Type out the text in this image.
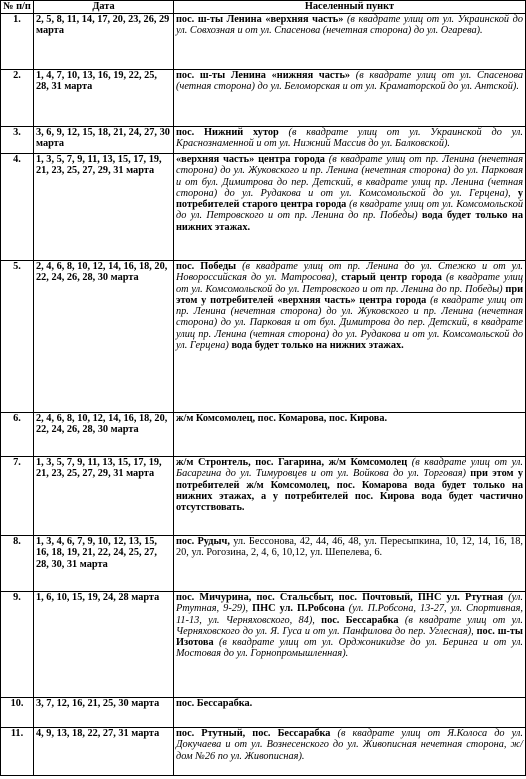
№ п/п	Дата	Населенный пункт
1.	2, 5, 8, 11, 14, 17, 20, 23, 26, 29 марта	пос. ш-ты Ленина «верхняя часть» (в квадрате улиц от ул. Украинской до ул. Совхозная и от ул. Спасенова (нечетная сторона) до ул. Огарева).
2.	1, 4, 7, 10, 13, 16, 19, 22, 25, 28, 31 марта	пос. ш-ты Ленина «нижняя часть» (в квадрате улиц от ул. Спасенова (четная сторона) до ул. Беломорская и от ул. Краматорской до ул. Антской).
3.	3, 6, 9, 12, 15, 18, 21, 24, 27, 30 марта	пос. Нижний хутор (в квадрате улиц от ул. Украинской до ул. Краснознаменной и от ул. Нижний Массив до ул. Балковской).
4.	1, 3, 5, 7, 9, 11, 13, 15, 17, 19, 21, 23, 25, 27, 29, 31 марта	«верхняя часть» центра города (в квадрате улиц от пр. Ленина (нечетная сторона) до ул. Жуковского и пр. Ленина (нечетная сторона) до ул. Парковая и от бул. Димитрова до пер. Детский, в квадрате улиц пр. Ленина (четная сторона) до ул. Рудакова и от ул. Комсомольской до ул. Герцена), у потребителей старого центра города (в квадрате улиц от ул. Комсомольской до ул. Петровского и от пр. Ленина до пр. Победы) вода будет только на нижних этажах.
5.	2, 4, 6, 8, 10, 12, 14, 16, 18, 20, 22, 24, 26, 28, 30 марта	пос. Победы (в квадрате улиц от пр. Ленина до ул. Стежко и от ул. Новороссийская до ул. Матросова), старый центр города (в квадрате улиц от ул. Комсомольской до ул. Петровского и от пр. Ленина до пр. Победы) при этом у потребителей «верхняя часть» центра города (в квадрате улиц от пр. Ленина (нечетная сторона) до ул. Жуковского и пр. Ленина (нечетная сторона) до ул. Парковая и от бул. Димитрова до пер. Детский, в квадрате улиц пр. Ленина (четная сторона) до ул. Рудакова и от ул. Комсомольской до ул. Герцена) вода будет только на нижних этажах.
6.	2, 4, 6, 8, 10, 12, 14, 16, 18, 20, 22, 24, 26, 28, 30 марта	ж/м Комсомолец, пос. Комарова, пос. Кирова.
7.	1, 3, 5, 7, 9, 11, 13, 15, 17, 19, 21, 23, 25, 27, 29, 31 марта	ж/м Стронтель, пос. Гагарина, ж/м Комсомолец (в квадрате улиц от ул. Басаргина до ул. Тимуровцев и от ул. Войкова до ул. Торговая) при этом у потребителей ж/м Комсомолец, пос. Комарова вода будет только на нижних этажах, а у потребителей пос. Кирова вода будет частично отсутствовать.
8.	1, 3, 4, 6, 7, 9, 10, 12, 13, 15, 16, 18, 19, 21, 22, 24, 25, 27, 28, 30, 31 марта	пос. Рудыч, ул. Бессонова, 42, 44, 46, 48, ул. Пересыпкина, 10, 12, 14, 16, 18, 20, ул. Рогозина, 2, 4, 6, 10,12, ул. Шепелева, 6.
9.	1, 6, 10, 15, 19, 24, 28 марта	пос. Мичурина, пос. Стальсбыт, пос. Почтовый, ПНС ул. Ртутная (ул. Ртутная, 9-29), ПНС ул. П.Робсона (ул. П.Робсона, 13-27, ул. Спортивная, 11-13, ул. Черняховского, 84), пос. Бессарабка (в квадрате улиц от ул. Черняховского до ул. Я. Гуса и от ул. Панфилова до пер. Углесная), пос. ш-ты Изотова (в квадрате улиц от ул. Орджоникидзе до ул. Беринга и от ул. Мостовая до ул. Горнопромышленная).
10.	3, 7, 12, 16, 21, 25, 30 марта	пос. Бессарабка.
11.	4, 9, 13, 18, 22, 27, 31 марта	пос. Ртутный, пос. Бессарабка (в квадрате улиц от Я.Колоса до ул. Докучаева и от ул. Вознесенского до ул. Живописная нечетная сторона, ж/дом №26 по ул. Живописная).
